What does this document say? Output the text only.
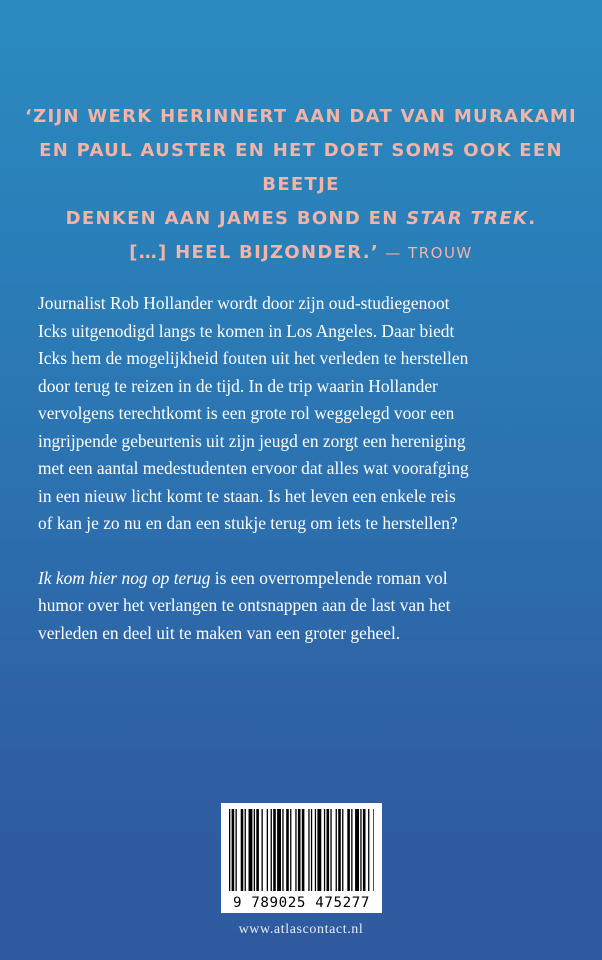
‘ZIJN WERK HERINNERT AAN DAT VAN MURAKAMI
EN PAUL AUSTER EN HET DOET SOMS OOK EEN BEETJE
DENKEN AAN JAMES BOND EN STAR TREK.
[…] HEEL BIJZONDER.’ — TROUW

Journalist Rob Hollander wordt door zijn oud-studiegenoot
Icks uitgenodigd langs te komen in Los Angeles. Daar biedt
Icks hem de mogelijkheid fouten uit het verleden te herstellen
door terug te reizen in de tijd. In de trip waarin Hollander
vervolgens terechtkomt is een grote rol weggelegd voor een
ingrijpende gebeurtenis uit zijn jeugd en zorgt een hereniging
met een aantal medestudenten ervoor dat alles wat voorafging
in een nieuw licht komt te staan. Is het leven een enkele reis
of kan je zo nu en dan een stukje terug om iets te herstellen?

Ik kom hier nog op terug is een overrompelende roman vol
humor over het verlangen te ontsnappen aan de last van het
verleden en deel uit te maken van een groter geheel.

9 789025 475277
www.atlascontact.nl
